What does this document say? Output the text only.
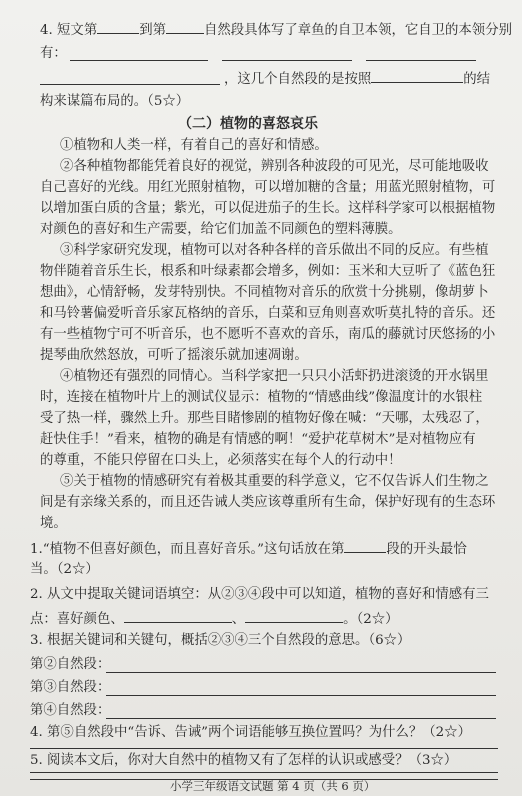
4. 短文第	到第	自然段具体写了章鱼的自卫本领，它自卫的本领分别
有：
，这几个自然段的是按照	的结
构来谋篇布局的。（5☆）
（二）植物的喜怒哀乐
①植物和人类一样，有着自己的喜好和情感。
②各种植物都能凭着良好的视觉，辨别各种波段的可见光，尽可能地吸收
自己喜好的光线。用红光照射植物，可以增加糖的含量；用蓝光照射植物，可
以增加蛋白质的含量；紫光，可以促进茄子的生长。这样科学家可以根据植物
对颜色的喜好和生产需要，给它们加盖不同颜色的塑料薄膜。
③科学家研究发现，植物可以对各种各样的音乐做出不同的反应。有些植
物伴随着音乐生长，根系和叶绿素都会增多，例如：玉米和大豆听了《蓝色狂
想曲》，心情舒畅，发芽特别快。不同植物对音乐的欣赏十分挑剔，像胡萝卜
和马铃薯偏爱听音乐家瓦格纳的音乐，白菜和豆角则喜欢听莫扎特的音乐。还
有一些植物宁可不听音乐，也不愿听不喜欢的音乐，南瓜的藤就讨厌悠扬的小
提琴曲欣然怒放，可听了摇滚乐就加速凋谢。
④植物还有强烈的同情心。当科学家把一只只小活虾扔进滚烫的开水锅里
时，连接在植物叶片上的测试仪显示：植物的“情感曲线”像温度计的水银柱
受了热一样，骤然上升。那些目睹惨剧的植物好像在喊：“天哪，太残忍了，
赶快住手！”看来，植物的确是有情感的啊！“爱护花草树木”是对植物应有
的尊重，不能只停留在口头上，必须落实在每个人的行动中！
⑤关于植物的情感研究有着极其重要的科学意义，它不仅告诉人们生物之
间是有亲缘关系的，而且还告诫人类应该尊重所有生命，保护好现有的生态环
境。
1.“植物不但喜好颜色，而且喜好音乐。”这句话放在第	段的开头最恰
当。（2☆）
2. 从文中提取关键词语填空：从②③④段中可以知道，植物的喜好和情感有三
点：喜好颜色、	、	。（2☆）
3. 根据关键词和关键句，概括②③④三个自然段的意思。（6☆）
第②自然段：
第③自然段：
第④自然段：
4. 第⑤自然段中“告诉、告诫”两个词语能够互换位置吗？为什么？（2☆）
5. 阅读本文后，你对大自然中的植物又有了怎样的认识或感受？（3☆）
小学三年级语文试题 第 4 页（共 6 页）
